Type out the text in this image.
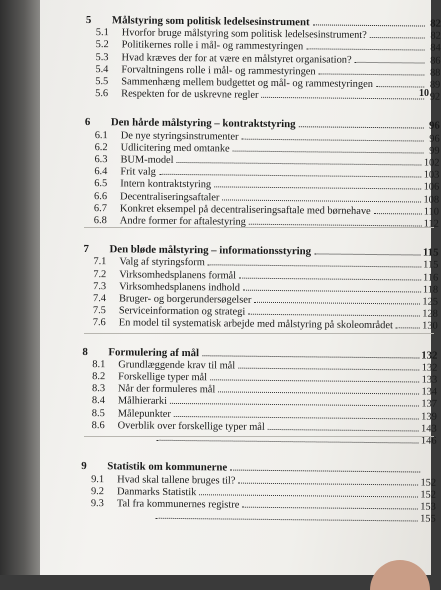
10
5	Målstyring som politisk ledelsesinstrument	82
5.1	Hvorfor bruge målstyring som politisk ledelsesinstrument?	82
5.2	Politikernes rolle i mål- og rammestyringen	84
5.3	Hvad kræves der for at være en målstyret organisation?	86
5.4	Forvaltningens rolle i mål- og rammestyringen	88
5.5	Sammenhæng mellem budgettet og mål- og rammestyringen	89
5.6	Respekten for de uskrevne regler	92
6	Den hårde målstyring – kontraktstyring	96
6.1	De nye styringsinstrumenter	96
6.2	Udlicitering med omtanke	99
6.3	BUM-model	102
6.4	Frit valg	103
6.5	Intern kontraktstyring	106
6.6	Decentraliseringsaftaler	108
6.7	Konkret eksempel på decentraliseringsaftale med børnehave	110
6.8	Andre former for aftalestyring	112
7	Den bløde målstyring – informationsstyring	115
7.1	Valg af styringsform	115
7.2	Virksomhedsplanens formål	116
7.3	Virksomhedsplanens indhold	118
7.4	Bruger- og borgerundersøgelser	125
7.5	Serviceinformation og strategi	128
7.6	En model til systematisk arbejde med målstyring på skoleområdet	130
8	Formulering af mål	132
8.1	Grundlæggende krav til mål	132
8.2	Forskellige typer mål	133
8.3	Når der formuleres mål	134
8.4	Målhierarki	137
8.5	Målepunkter	139
8.6	Overblik over forskellige typer mål	143
146
9	Statistik om kommunerne
9.1	Hvad skal tallene bruges til?	152
9.2	Danmarks Statistik	152
9.3	Tal fra kommunernes registre	153
155
